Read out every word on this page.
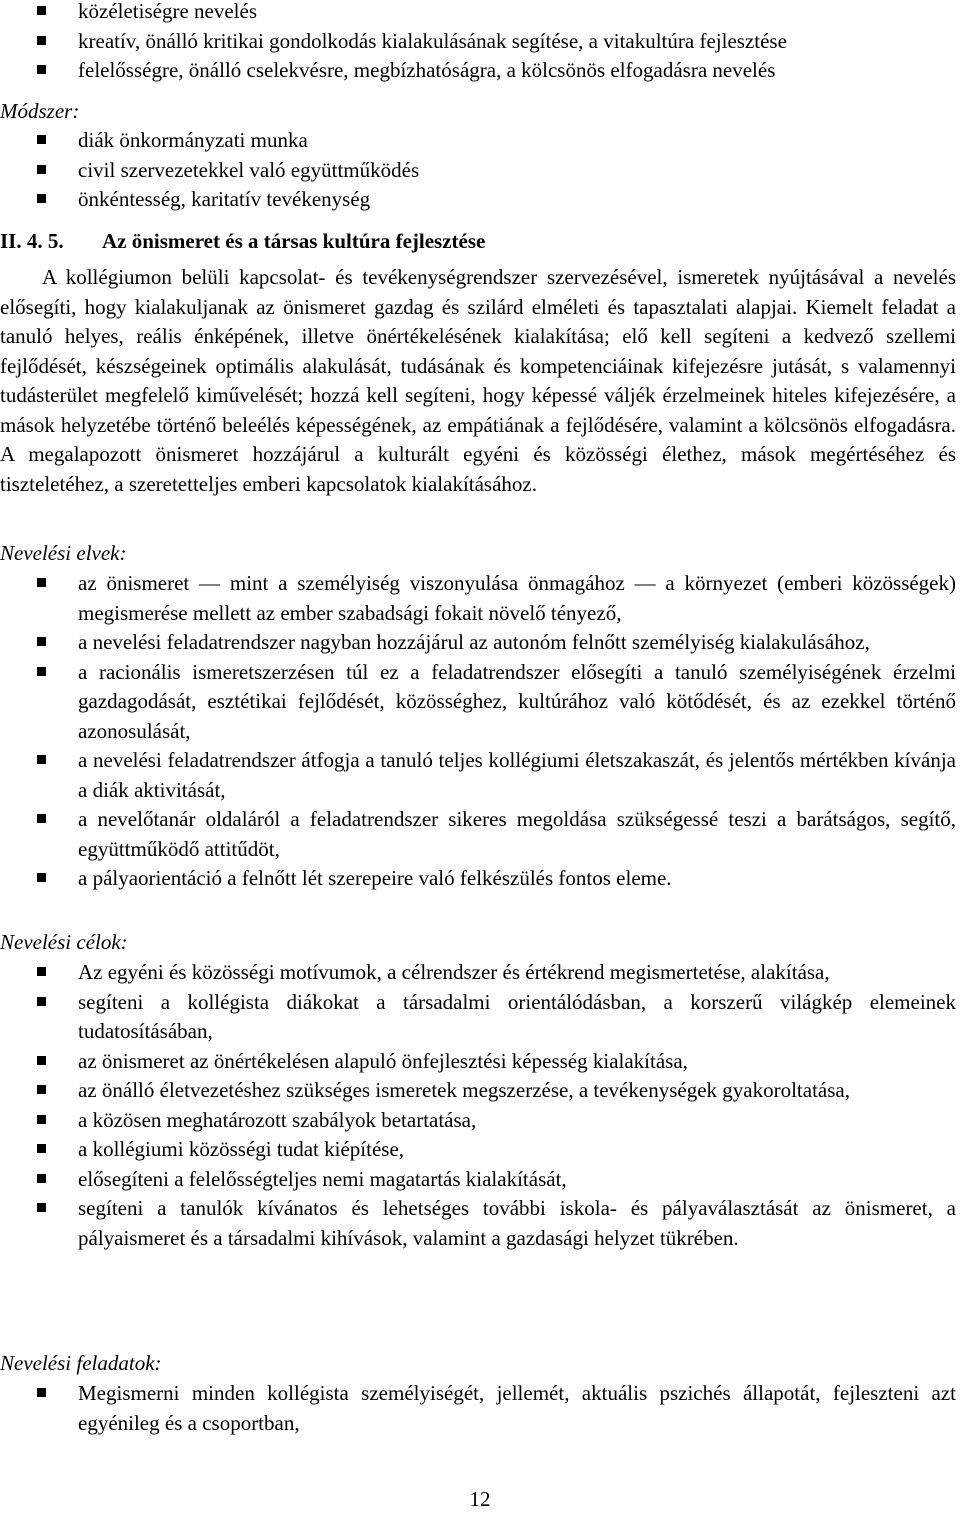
közéletiségre nevelés
kreatív, önálló kritikai gondolkodás kialakulásának segítése, a vitakultúra fejlesztése
felelősségre, önálló cselekvésre, megbízhatóságra, a kölcsönös elfogadásra nevelés
Módszer:
diák önkormányzati munka
civil szervezetekkel való együttműködés
önkéntesség, karitatív tevékenység
II. 4. 5. Az önismeret és a társas kultúra fejlesztése

A kollégiumon belüli kapcsolat- és tevékenységrendszer szervezésével, ismeretek nyújtásával a nevelés elősegíti, hogy kialakuljanak az önismeret gazdag és szilárd elméleti és tapasztalati alapjai. Kiemelt feladat a tanuló helyes, reális énképének, illetve önértékelésének kialakítása; elő kell segíteni a kedvező szellemi fejlődését, készségeinek optimális alakulását, tudásának és kompetenciáinak kifejezésre jutását, s valamennyi tudásterület megfelelő kiművelését; hozzá kell segíteni, hogy képessé váljék érzelmeinek hiteles kifejezésére, a mások helyzetébe történő beleélés képességének, az empátiának a fejlődésére, valamint a kölcsönös elfogadásra. A megalapozott önismeret hozzájárul a kulturált egyéni és közösségi élethez, mások megértéséhez és tiszteletéhez, a szeretetteljes emberi kapcsolatok kialakításához.

Nevelési elvek:
az önismeret — mint a személyiség viszonyulása önmagához — a környezet (emberi közösségek) megismerése mellett az ember szabadsági fokait növelő tényező,
a nevelési feladatrendszer nagyban hozzájárul az autonóm felnőtt személyiség kialakulásához,
a racionális ismeretszerzésen túl ez a feladatrendszer elősegíti a tanuló személyiségének érzelmi gazdagodását, esztétikai fejlődését, közösséghez, kultúrához való kötődését, és az ezekkel történő azonosulását,
a nevelési feladatrendszer átfogja a tanuló teljes kollégiumi életszakaszát, és jelentős mértékben kívánja a diák aktivitását,
a nevelőtanár oldaláról a feladatrendszer sikeres megoldása szükségessé teszi a barátságos, segítő, együttműködő attitűdöt,
a pályaorientáció a felnőtt lét szerepeire való felkészülés fontos eleme.
Nevelési célok:
Az egyéni és közösségi motívumok, a célrendszer és értékrend megismertetése, alakítása,
segíteni a kollégista diákokat a társadalmi orientálódásban, a korszerű világkép elemeinek tudatosításában,
az önismeret az önértékelésen alapuló önfejlesztési képesség kialakítása,
az önálló életvezetéshez szükséges ismeretek megszerzése, a tevékenységek gyakoroltatása,
a közösen meghatározott szabályok betartatása,
a kollégiumi közösségi tudat kiépítése,
elősegíteni a felelősségteljes nemi magatartás kialakítását,
segíteni a tanulók kívánatos és lehetséges további iskola- és pályaválasztását az önismeret, a pályaismeret és a társadalmi kihívások, valamint a gazdasági helyzet tükrében.
Nevelési feladatok:
Megismerni minden kollégista személyiségét, jellemét, aktuális pszichés állapotát, fejleszteni azt egyénileg és a csoportban,
12
